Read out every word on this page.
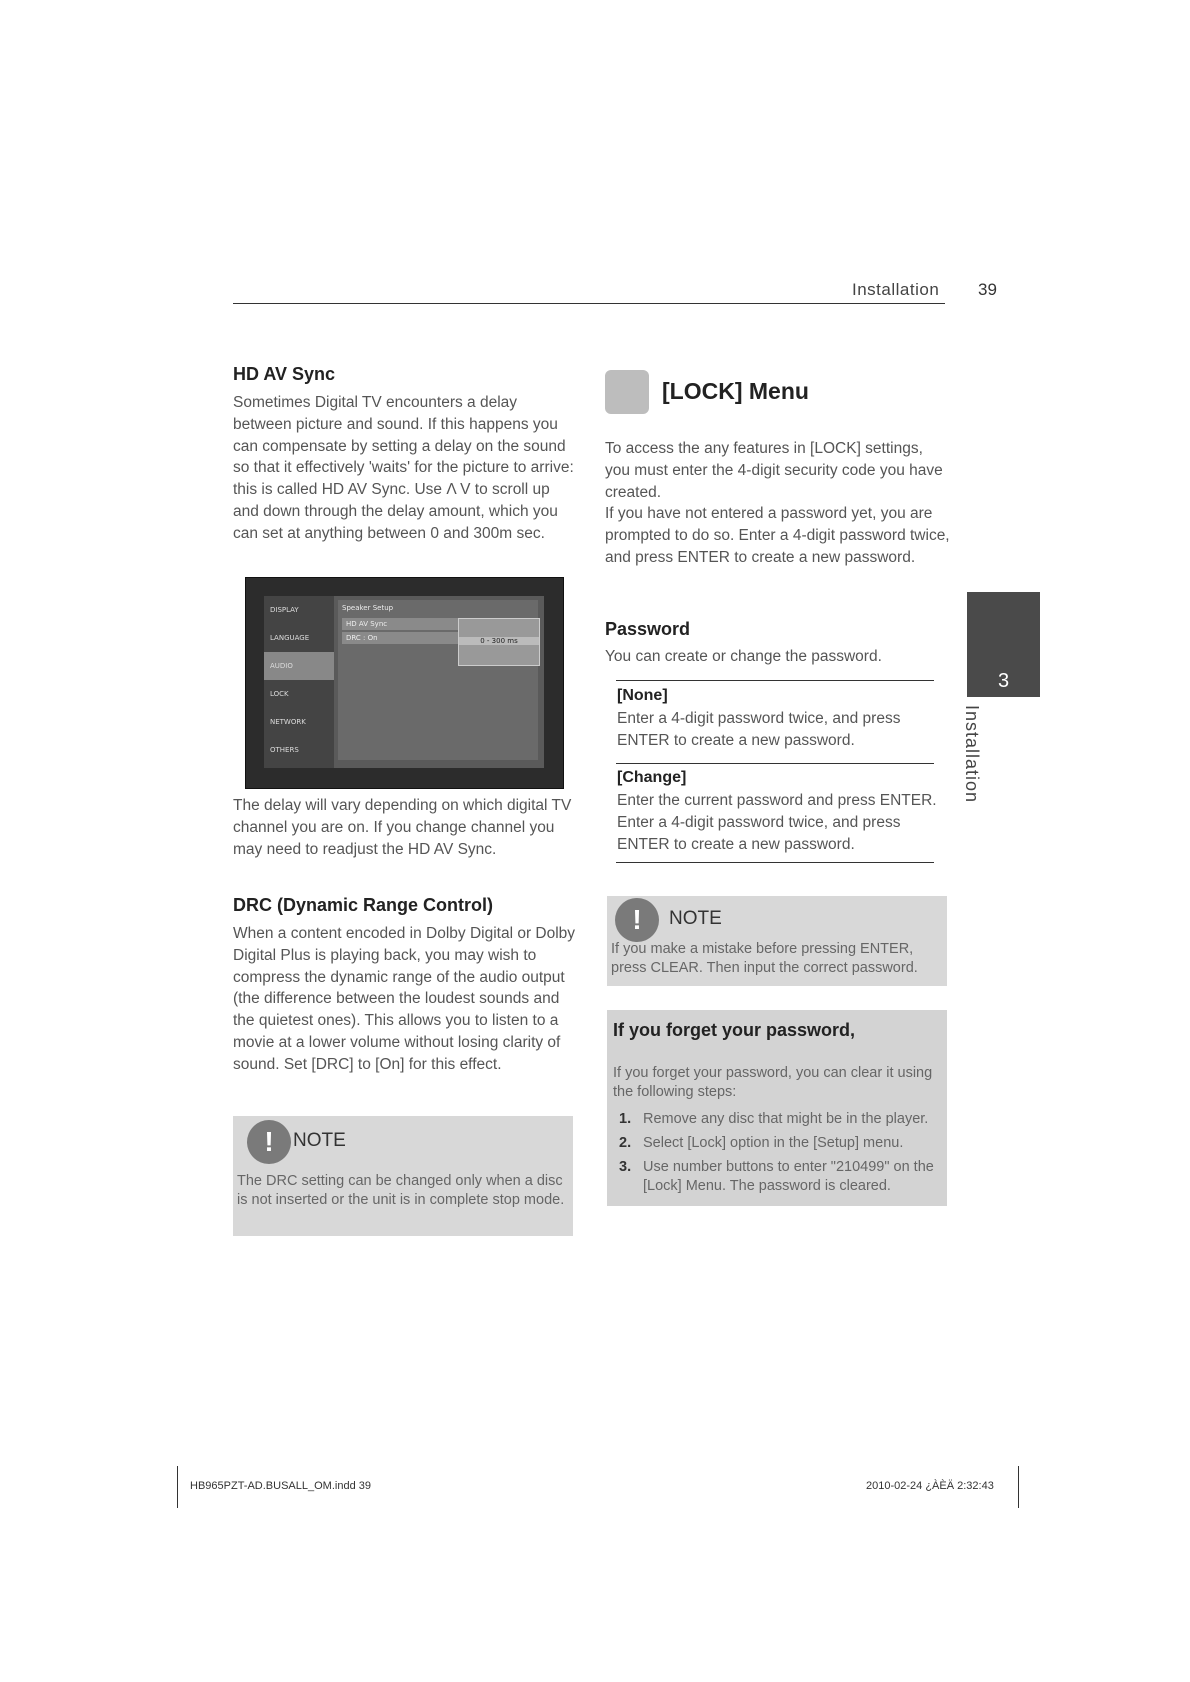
Installation 39
HD AV Sync
Sometimes Digital TV encounters a delay between picture and sound. If this happens you can compensate by setting a delay on the sound so that it effectively 'waits' for the picture to arrive: this is called HD AV Sync. Use Λ V to scroll up and down through the delay amount, which you can set at anything between 0 and 300m sec.
DISPLAY
LANGUAGE
AUDIO
LOCK
NETWORK
OTHERS
Speaker Setup
HD AV Sync
DRC : On	0 - 300 ms
The delay will vary depending on which digital TV channel you are on. If you change channel you may need to readjust the HD AV Sync.
DRC (Dynamic Range Control)
When a content encoded in Dolby Digital or Dolby Digital Plus is playing back, you may wish to compress the dynamic range of the audio output (the difference between the loudest sounds and the quietest ones). This allows you to listen to a movie at a lower volume without losing clarity of sound. Set [DRC] to [On] for this effect.
!	NOTE
The DRC setting can be changed only when a disc is not inserted or the unit is in complete stop mode.
[LOCK] Menu
To access the any features in [LOCK] settings, you must enter the 4-digit security code you have created.
If you have not entered a password yet, you are prompted to do so. Enter a 4-digit password twice, and press ENTER to create a new password.
Password
You can create or change the password.
[None]
Enter a 4-digit password twice, and press ENTER to create a new password.
[Change]
Enter the current password and press ENTER. Enter a 4-digit password twice, and press ENTER to create a new password.
!	NOTE
If you make a mistake before pressing ENTER, press CLEAR. Then input the correct password.
If you forget your password,
If you forget your password, you can clear it using the following steps:
1. Remove any disc that might be in the player.
2. Select [Lock] option in the [Setup] menu.
3. Use number buttons to enter "210499" on the [Lock] Menu. The password is cleared.
3
Installation
HB965PZT-AD.BUSALL_OM.indd 39	2010-02-24 ¿ÀÈÄ 2:32:43
